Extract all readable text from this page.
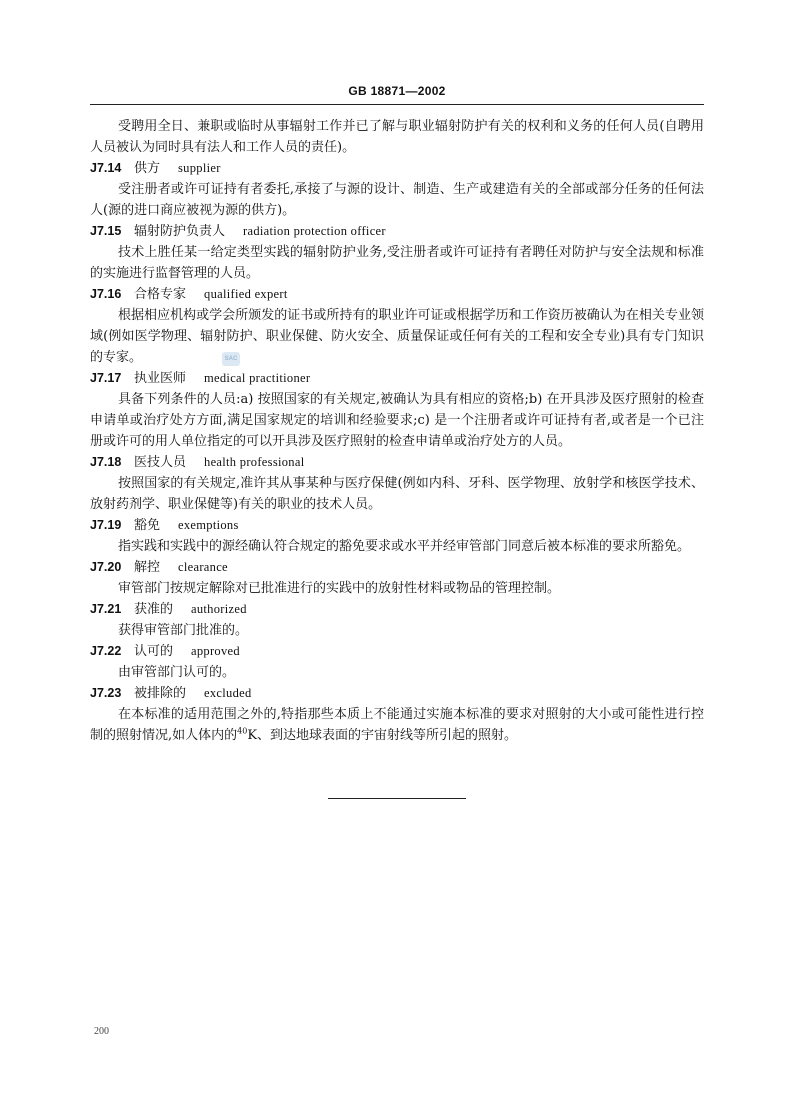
GB 18871—2002

受聘用全日、兼职或临时从事辐射工作并已了解与职业辐射防护有关的权利和义务的任何人员(自聘用人员被认为同时具有法人和工作人员的责任)。

J7.14 供方 supplier

受注册者或许可证持有者委托,承接了与源的设计、制造、生产或建造有关的全部或部分任务的任何法人(源的进口商应被视为源的供方)。

J7.15 辐射防护负责人 radiation protection officer

技术上胜任某一给定类型实践的辐射防护业务,受注册者或许可证持有者聘任对防护与安全法规和标准的实施进行监督管理的人员。

J7.16 合格专家 qualified expert

根据相应机构或学会所颁发的证书或所持有的职业许可证或根据学历和工作资历被确认为在相关专业领域(例如医学物理、辐射防护、职业保健、防火安全、质量保证或任何有关的工程和安全专业)具有专门知识的专家。

J7.17 执业医师 medical practitioner

具备下列条件的人员:a) 按照国家的有关规定,被确认为具有相应的资格;b) 在开具涉及医疗照射的检查申请单或治疗处方方面,满足国家规定的培训和经验要求;c) 是一个注册者或许可证持有者,或者是一个已注册或许可的用人单位指定的可以开具涉及医疗照射的检查申请单或治疗处方的人员。

J7.18 医技人员 health professional

按照国家的有关规定,准许其从事某种与医疗保健(例如内科、牙科、医学物理、放射学和核医学技术、放射药剂学、职业保健等)有关的职业的技术人员。

J7.19 豁免 exemptions

指实践和实践中的源经确认符合规定的豁免要求或水平并经审管部门同意后被本标准的要求所豁免。

J7.20 解控 clearance

审管部门按规定解除对已批准进行的实践中的放射性材料或物品的管理控制。

J7.21 获准的 authorized

获得审管部门批准的。

J7.22 认可的 approved

由审管部门认可的。

J7.23 被排除的 excluded

在本标准的适用范围之外的,特指那些本质上不能通过实施本标准的要求对照射的大小或可能性进行控制的照射情况,如人体内的$^{40}$K、到达地球表面的宇宙射线等所引起的照射。

SAC
200
